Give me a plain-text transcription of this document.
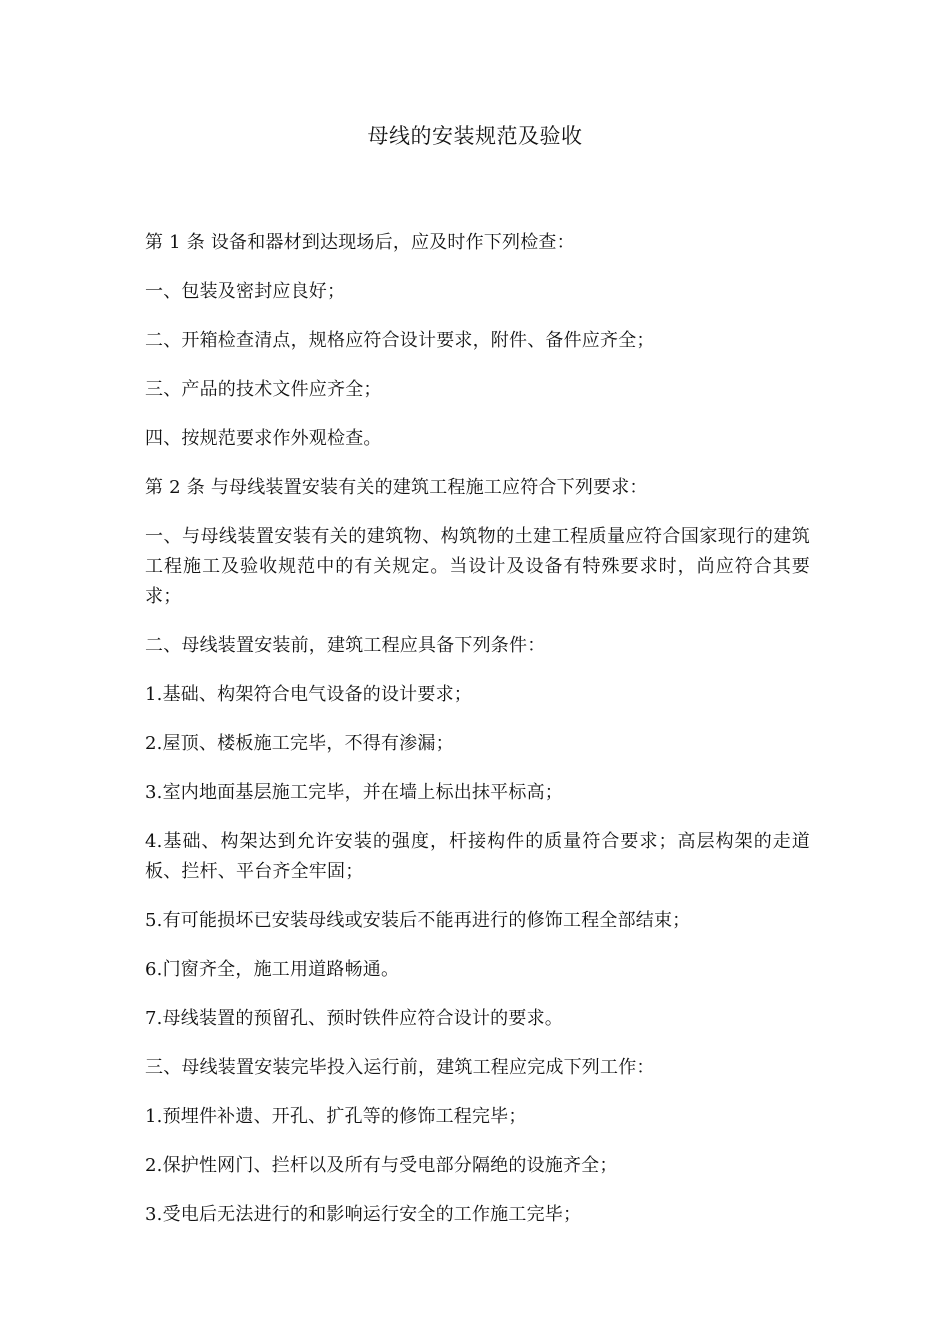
母线的安装规范及验收

第 1 条 设备和器材到达现场后，应及时作下列检查：

一、包装及密封应良好；

二、开箱检查清点，规格应符合设计要求，附件、备件应齐全；

三、产品的技术文件应齐全；

四、按规范要求作外观检查。

第 2 条 与母线装置安装有关的建筑工程施工应符合下列要求：

一、与母线装置安装有关的建筑物、构筑物的土建工程质量应符合国家现行的建筑工程施工及验收规范中的有关规定。当设计及设备有特殊要求时，尚应符合其要求；

二、母线装置安装前，建筑工程应具备下列条件：

1.基础、构架符合电气设备的设计要求；

2.屋顶、楼板施工完毕，不得有渗漏；

3.室内地面基层施工完毕，并在墙上标出抹平标高；

4.基础、构架达到允许安装的强度，杆接构件的质量符合要求；高层构架的走道板、拦杆、平台齐全牢固；

5.有可能损坏已安装母线或安装后不能再进行的修饰工程全部结束；

6.门窗齐全，施工用道路畅通。

7.母线装置的预留孔、预时铁件应符合设计的要求。

三、母线装置安装完毕投入运行前，建筑工程应完成下列工作：

1.预埋件补遗、开孔、扩孔等的修饰工程完毕；

2.保护性网门、拦杆以及所有与受电部分隔绝的设施齐全；

3.受电后无法进行的和影响运行安全的工作施工完毕；
